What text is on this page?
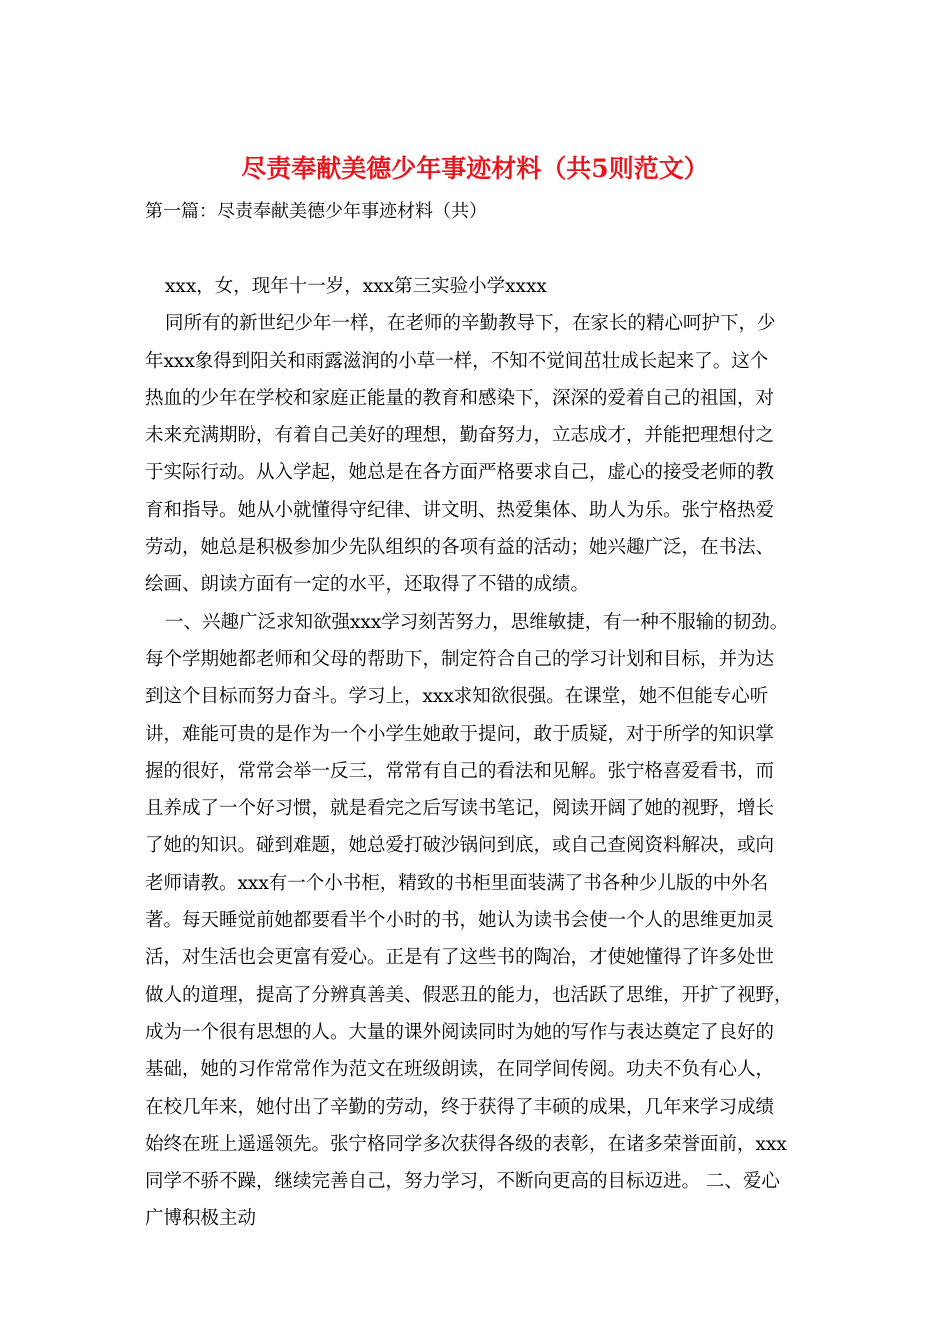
尽责奉献美德少年事迹材料（共5则范文）
第一篇：尽责奉献美德少年事迹材料（共）
xxx，女，现年十一岁，xxx第三实验小学xxxx
同所有的新世纪少年一样，在老师的辛勤教导下，在家长的精心呵护下，少
年xxx象得到阳关和雨露滋润的小草一样，不知不觉间茁壮成长起来了。这个
热血的少年在学校和家庭正能量的教育和感染下，深深的爱着自己的祖国，对
未来充满期盼，有着自己美好的理想，勤奋努力，立志成才，并能把理想付之
于实际行动。从入学起，她总是在各方面严格要求自己，虚心的接受老师的教
育和指导。她从小就懂得守纪律、讲文明、热爱集体、助人为乐。张宁格热爱
劳动，她总是积极参加少先队组织的各项有益的活动；她兴趣广泛，在书法、
绘画、朗读方面有一定的水平，还取得了不错的成绩。
一、兴趣广泛求知欲强xxx学习刻苦努力，思维敏捷，有一种不服输的韧劲。
每个学期她都老师和父母的帮助下，制定符合自己的学习计划和目标，并为达
到这个目标而努力奋斗。学习上，xxx求知欲很强。在课堂，她不但能专心听
讲，难能可贵的是作为一个小学生她敢于提问，敢于质疑，对于所学的知识掌
握的很好，常常会举一反三，常常有自己的看法和见解。张宁格喜爱看书，而
且养成了一个好习惯，就是看完之后写读书笔记，阅读开阔了她的视野，增长
了她的知识。碰到难题，她总爱打破沙锅问到底，或自己查阅资料解决，或向
老师请教。xxx有一个小书柜，精致的书柜里面装满了书各种少儿版的中外名
著。每天睡觉前她都要看半个小时的书，她认为读书会使一个人的思维更加灵
活，对生活也会更富有爱心。正是有了这些书的陶冶，才使她懂得了许多处世
做人的道理，提高了分辨真善美、假恶丑的能力，也活跃了思维，开扩了视野，
成为一个很有思想的人。大量的课外阅读同时为她的写作与表达奠定了良好的
基础，她的习作常常作为范文在班级朗读，在同学间传阅。功夫不负有心人，
在校几年来，她付出了辛勤的劳动，终于获得了丰硕的成果，几年来学习成绩
始终在班上遥遥领先。张宁格同学多次获得各级的表彰，在诸多荣誉面前，xxx
同学不骄不躁，继续完善自己，努力学习，不断向更高的目标迈进。 二、爱心
广博积极主动
